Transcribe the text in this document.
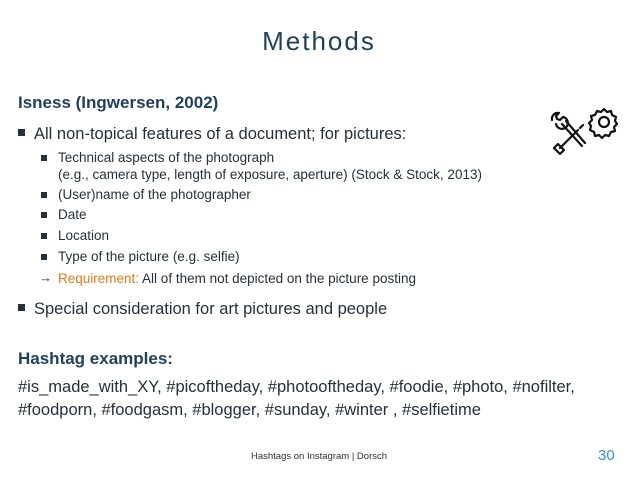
Methods
Isness (Ingwersen, 2002)
All non-topical features of a document; for pictures:
Technical aspects of the photograph
(e.g., camera type, length of exposure, aperture) (Stock & Stock, 2013)
(User)name of the photographer
Date
Location
Type of the picture (e.g. selfie)
→ Requirement: All of them not depicted on the picture posting
Special consideration for art pictures and people
Hashtag examples:
#is_made_with_XY, #picoftheday, #photooftheday, #foodie, #photo, #nofilter,
#foodporn, #foodgasm, #blogger, #sunday, #winter , #selfietime
Hashtags on Instagram | Dorsch	30
